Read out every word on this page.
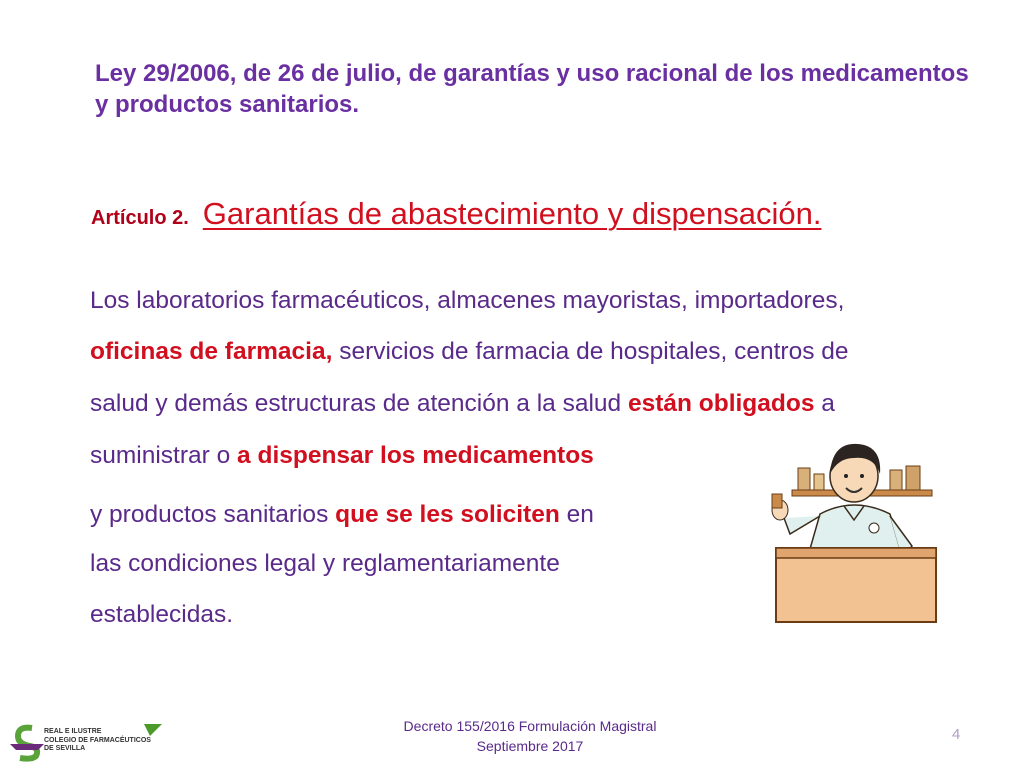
Ley 29/2006, de 26 de julio, de garantías y uso racional de los medicamentos y productos sanitarios.
Artículo 2. Garantías de abastecimiento y dispensación.
Los laboratorios farmacéuticos, almacenes mayoristas, importadores,
oficinas de farmacia, servicios de farmacia de hospitales, centros de
salud y demás estructuras de atención a la salud están obligados a
suministrar o a dispensar los medicamentos
y productos sanitarios que se les soliciten en
las condiciones legal y reglamentariamente
establecidas.
REAL E ILUSTRE
COLEGIO DE FARMACÉUTICOS
DE SEVILLA
Decreto 155/2016 Formulación Magistral
Septiembre 2017
4
